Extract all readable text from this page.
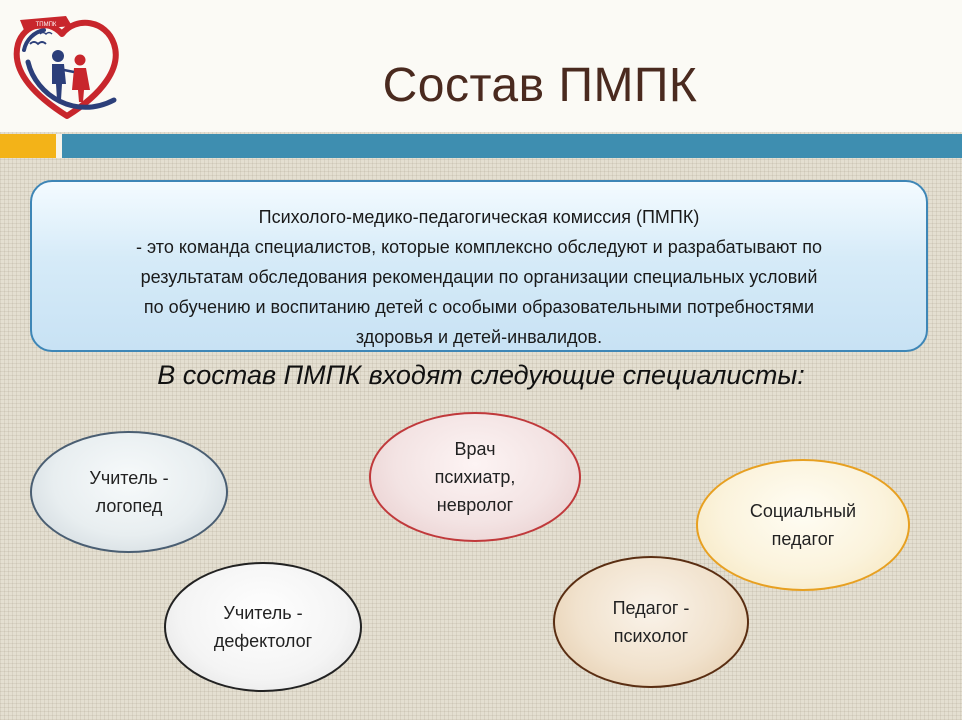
ТПМПК
Состав ПМПК
Психолого-медико-педагогическая комиссия (ПМПК)
- это команда специалистов, которые комплексно обследуют и разрабатывают по
результатам обследования рекомендации по организации специальных условий
по обучению и воспитанию детей с особыми образовательными потребностями
здоровья и детей-инвалидов.
В состав ПМПК входят следующие специалисты:
Учитель -
логопед
Врач
психиатр,
невролог	Социальный
педагог
Учитель -
дефектолог
Педагог -
психолог
